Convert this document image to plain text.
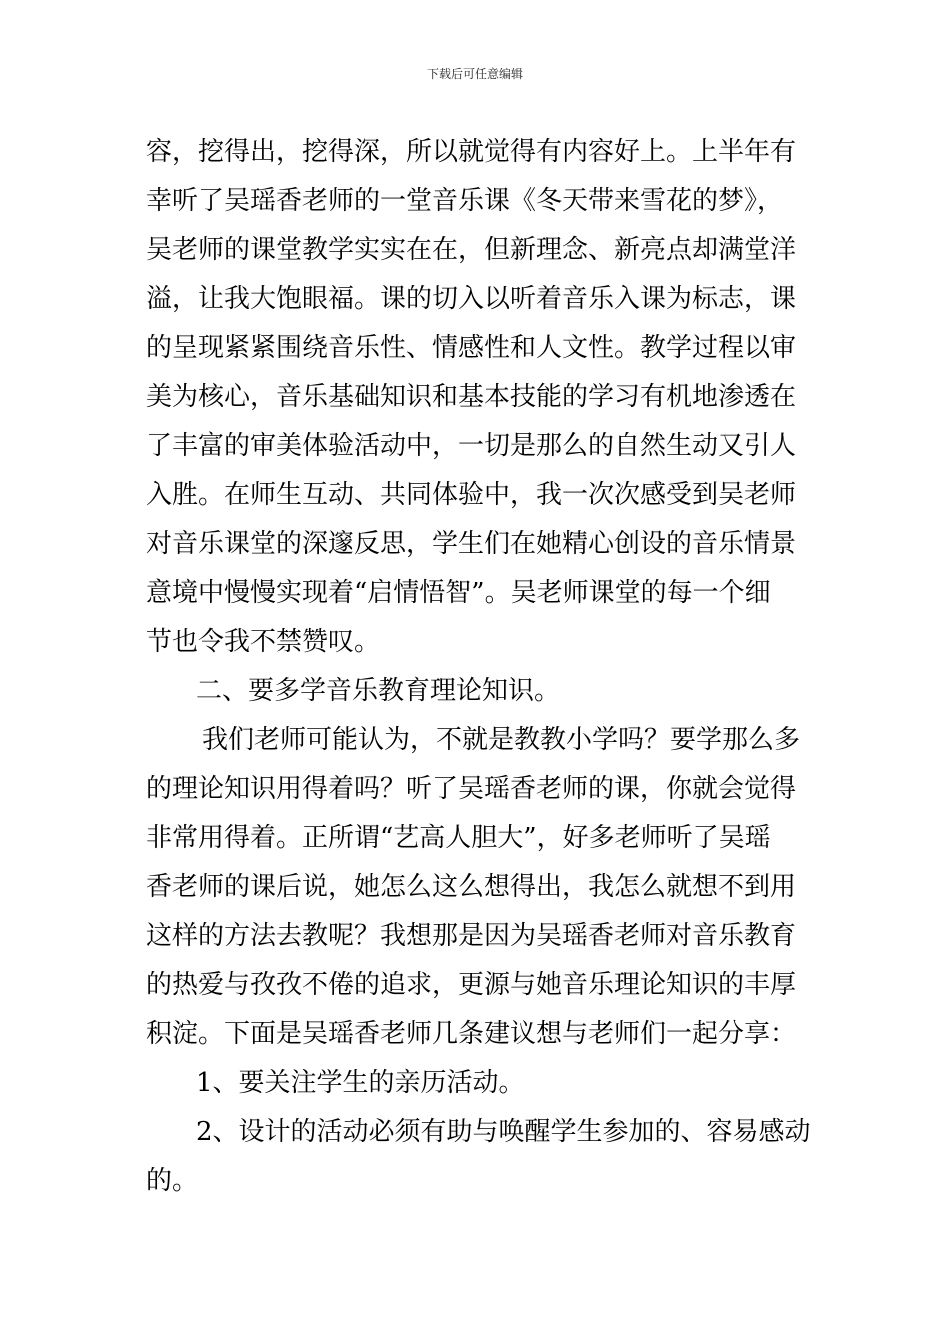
下载后可任意编辑
容，挖得出，挖得深，所以就觉得有内容好上。上半年有
幸听了吴瑶香老师的一堂音乐课《冬天带来雪花的梦》，
吴老师的课堂教学实实在在，但新理念、新亮点却满堂洋
溢，让我大饱眼福。课的切入以听着音乐入课为标志，课
的呈现紧紧围绕音乐性、情感性和人文性。教学过程以审
美为核心，音乐基础知识和基本技能的学习有机地渗透在
了丰富的审美体验活动中，一切是那么的自然生动又引人
入胜。在师生互动、共同体验中，我一次次感受到吴老师
对音乐课堂的深邃反思，学生们在她精心创设的音乐情景
意境中慢慢实现着“启情悟智”。吴老师课堂的每一个细
节也令我不禁赞叹。
二、要多学音乐教育理论知识。
我们老师可能认为，不就是教教小学吗？要学那么多
的理论知识用得着吗？听了吴瑶香老师的课，你就会觉得
非常用得着。正所谓“艺高人胆大”，好多老师听了吴瑶
香老师的课后说，她怎么这么想得出，我怎么就想不到用
这样的方法去教呢？我想那是因为吴瑶香老师对音乐教育
的热爱与孜孜不倦的追求，更源与她音乐理论知识的丰厚
积淀。下面是吴瑶香老师几条建议想与老师们一起分享：
1、要关注学生的亲历活动。
2、设计的活动必须有助与唤醒学生参加的、容易感动
的。
